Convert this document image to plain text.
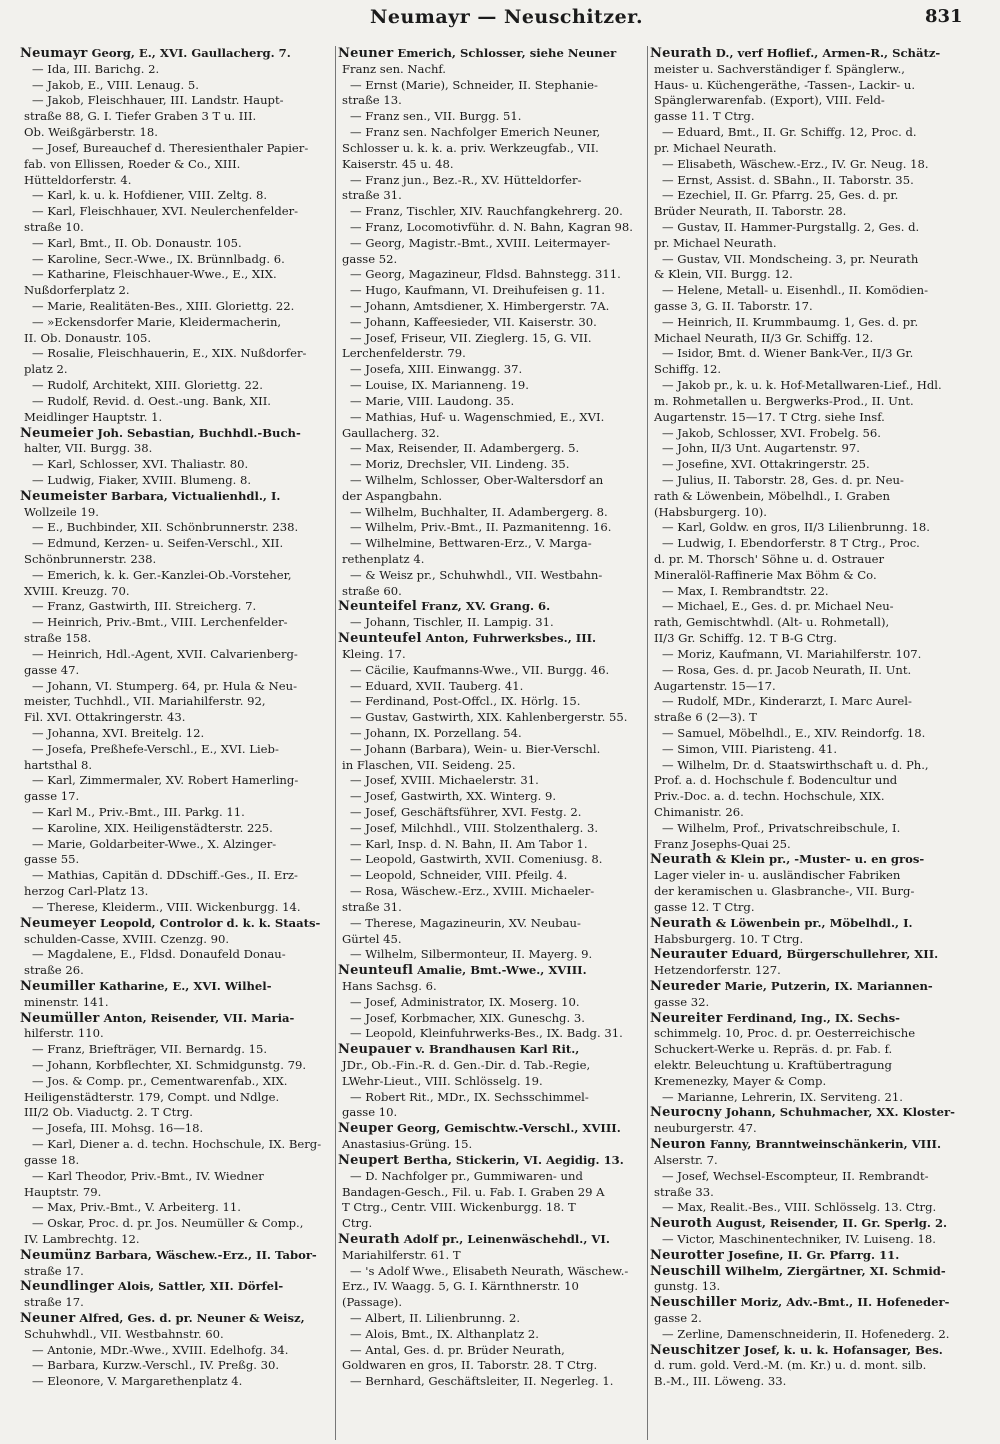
Neumayr — Neuschitzer.	831
Neumayr Georg, E., XVI. Gaullacherg. 7.
— Ida, III. Barichg. 2.
— Jakob, E., VIII. Lenaug. 5.
— Jakob, Fleischhauer, III. Landstr. Haupt-
straße 88, G. I. Tiefer Graben 3 T u. III.
Ob. Weißgärberstr. 18.
— Josef, Bureauchef d. Theresienthaler Papier-
fab. von Ellissen, Roeder & Co., XIII.
Hütteldorferstr. 4.
— Karl, k. u. k. Hofdiener, VIII. Zeltg. 8.
— Karl, Fleischhauer, XVI. Neulerchenfelder-
straße 10.
— Karl, Bmt., II. Ob. Donaustr. 105.
— Karoline, Secr.-Wwe., IX. Brünnlbadg. 6.
— Katharine, Fleischhauer-Wwe., E., XIX.
Nußdorferplatz 2.
— Marie, Realitäten-Bes., XIII. Gloriettg. 22.
— »Eckensdorfer Marie, Kleidermacherin,
II. Ob. Donaustr. 105.
— Rosalie, Fleischhauerin, E., XIX. Nußdorfer-
platz 2.
— Rudolf, Architekt, XIII. Gloriettg. 22.
— Rudolf, Revid. d. Oest.-ung. Bank, XII.
Meidlinger Hauptstr. 1.
Neumeier Joh. Sebastian, Buchhdl.-Buch-
halter, VII. Burgg. 38.
— Karl, Schlosser, XVI. Thaliastr. 80.
— Ludwig, Fiaker, XVIII. Blumeng. 8.
Neumeister Barbara, Victualienhdl., I.
Wollzeile 19.
— E., Buchbinder, XII. Schönbrunnerstr. 238.
— Edmund, Kerzen- u. Seifen-Verschl., XII.
Schönbrunnerstr. 238.
— Emerich, k. k. Ger.-Kanzlei-Ob.-Vorsteher,
XVIII. Kreuzg. 70.
— Franz, Gastwirth, III. Streicherg. 7.
— Heinrich, Priv.-Bmt., VIII. Lerchenfelder-
straße 158.
— Heinrich, Hdl.-Agent, XVII. Calvarienberg-
gasse 47.
— Johann, VI. Stumperg. 64, pr. Hula & Neu-
meister, Tuchhdl., VII. Mariahilferstr. 92,
Fil. XVI. Ottakringerstr. 43.
— Johanna, XVI. Breitelg. 12.
— Josefa, Preßhefe-Verschl., E., XVI. Lieb-
hartsthal 8.
— Karl, Zimmermaler, XV. Robert Hamerling-
gasse 17.
— Karl M., Priv.-Bmt., III. Parkg. 11.
— Karoline, XIX. Heiligenstädterstr. 225.
— Marie, Goldarbeiter-Wwe., X. Alzinger-
gasse 55.
— Mathias, Capitän d. DDschiff.-Ges., II. Erz-
herzog Carl-Platz 13.
— Therese, Kleiderm., VIII. Wickenburgg. 14.
Neumeyer Leopold, Controlor d. k. k. Staats-
schulden-Casse, XVIII. Czenzg. 90.
— Magdalene, E., Fldsd. Donaufeld Donau-
straße 26.
Neumiller Katharine, E., XVI. Wilhel-
minenstr. 141.
Neumüller Anton, Reisender, VII. Maria-
hilferstr. 110.
— Franz, Briefträger, VII. Bernardg. 15.
— Johann, Korbflechter, XI. Schmidgunstg. 79.
— Jos. & Comp. pr., Cementwarenfab., XIX.
Heiligenstädterstr. 179, Compt. und Ndlge.
III/2 Ob. Viaductg. 2. T Ctrg.
— Josefa, III. Mohsg. 16—18.
— Karl, Diener a. d. techn. Hochschule, IX. Berg-
gasse 18.
— Karl Theodor, Priv.-Bmt., IV. Wiedner
Hauptstr. 79.
— Max, Priv.-Bmt., V. Arbeiterg. 11.
— Oskar, Proc. d. pr. Jos. Neumüller & Comp.,
IV. Lambrechtg. 12.
Neumünz Barbara, Wäschew.-Erz., II. Tabor-
straße 17.
Neundlinger Alois, Sattler, XII. Dörfel-
straße 17.
Neuner Alfred, Ges. d. pr. Neuner & Weisz,
Schuhwhdl., VII. Westbahnstr. 60.
— Antonie, MDr.-Wwe., XVIII. Edelhofg. 34.
— Barbara, Kurzw.-Verschl., IV. Preßg. 30.
— Eleonore, V. Margarethenplatz 4.
Neuner Emerich, Schlosser, siehe Neuner
Franz sen. Nachf.
— Ernst (Marie), Schneider, II. Stephanie-
straße 13.
— Franz sen., VII. Burgg. 51.
— Franz sen. Nachfolger Emerich Neuner,
Schlosser u. k. k. a. priv. Werkzeugfab., VII.
Kaiserstr. 45 u. 48.
— Franz jun., Bez.-R., XV. Hütteldorfer-
straße 31.
— Franz, Tischler, XIV. Rauchfangkehrerg. 20.
— Franz, Locomotivführ. d. N. Bahn, Kagran 98.
— Georg, Magistr.-Bmt., XVIII. Leitermayer-
gasse 52.
— Georg, Magazineur, Fldsd. Bahnstegg. 311.
— Hugo, Kaufmann, VI. Dreihufeisen g. 11.
— Johann, Amtsdiener, X. Himbergerstr. 7A.
— Johann, Kaffeesieder, VII. Kaiserstr. 30.
— Josef, Friseur, VII. Zieglerg. 15, G. VII.
Lerchenfelderstr. 79.
— Josefa, XIII. Einwangg. 37.
— Louise, IX. Marianneng. 19.
— Marie, VIII. Laudong. 35.
— Mathias, Huf- u. Wagenschmied, E., XVI.
Gaullacherg. 32.
— Max, Reisender, II. Adambergerg. 5.
— Moriz, Drechsler, VII. Lindeng. 35.
— Wilhelm, Schlosser, Ober-Waltersdorf an
der Aspangbahn.
— Wilhelm, Buchhalter, II. Adambergerg. 8.
— Wilhelm, Priv.-Bmt., II. Pazmanitenng. 16.
— Wilhelmine, Bettwaren-Erz., V. Marga-
rethenplatz 4.
— & Weisz pr., Schuhwhdl., VII. Westbahn-
straße 60.
Neunteifel Franz, XV. Grang. 6.
— Johann, Tischler, II. Lampig. 31.
Neunteufel Anton, Fuhrwerksbes., III.
Kleing. 17.
— Cäcilie, Kaufmanns-Wwe., VII. Burgg. 46.
— Eduard, XVII. Tauberg. 41.
— Ferdinand, Post-Offcl., IX. Hörlg. 15.
— Gustav, Gastwirth, XIX. Kahlenbergerstr. 55.
— Johann, IX. Porzellang. 54.
— Johann (Barbara), Wein- u. Bier-Verschl.
in Flaschen, VII. Seideng. 25.
— Josef, XVIII. Michaelerstr. 31.
— Josef, Gastwirth, XX. Winterg. 9.
— Josef, Geschäftsführer, XVI. Festg. 2.
— Josef, Milchhdl., VIII. Stolzenthalerg. 3.
— Karl, Insp. d. N. Bahn, II. Am Tabor 1.
— Leopold, Gastwirth, XVII. Comeniusg. 8.
— Leopold, Schneider, VIII. Pfeilg. 4.
— Rosa, Wäschew.-Erz., XVIII. Michaeler-
straße 31.
— Therese, Magazineurin, XV. Neubau-
Gürtel 45.
— Wilhelm, Silbermonteur, II. Mayerg. 9.
Neunteufl Amalie, Bmt.-Wwe., XVIII.
Hans Sachsg. 6.
— Josef, Administrator, IX. Moserg. 10.
— Josef, Korbmacher, XIX. Guneschg. 3.
— Leopold, Kleinfuhrwerks-Bes., IX. Badg. 31.
Neupauer v. Brandhausen Karl Rit.,
JDr., Ob.-Fin.-R. d. Gen.-Dir. d. Tab.-Regie,
LWehr-Lieut., VIII. Schlösselg. 19.
— Robert Rit., MDr., IX. Sechsschimmel-
gasse 10.
Neuper Georg, Gemischtw.-Verschl., XVIII.
Anastasius-Grüng. 15.
Neupert Bertha, Stickerin, VI. Aegidig. 13.
— D. Nachfolger pr., Gummiwaren- und
Bandagen-Gesch., Fil. u. Fab. I. Graben 29 A
T Ctrg., Centr. VIII. Wickenburgg. 18. T
Ctrg.
Neurath Adolf pr., Leinenwäschehdl., VI.
Mariahilferstr. 61. T
— 's Adolf Wwe., Elisabeth Neurath, Wäschew.-
Erz., IV. Waagg. 5, G. I. Kärnthnerstr. 10
(Passage).
— Albert, II. Lilienbrunng. 2.
— Alois, Bmt., IX. Althanplatz 2.
— Antal, Ges. d. pr. Brüder Neurath,
Goldwaren en gros, II. Taborstr. 28. T Ctrg.
— Bernhard, Geschäftsleiter, II. Negerleg. 1.
Neurath D., verf Hoflief., Armen-R., Schätz-
meister u. Sachverständiger f. Spänglerw.,
Haus- u. Küchengeräthe, -Tassen-, Lackir- u.
Spänglerwarenfab. (Export), VIII. Feld-
gasse 11. T Ctrg.
— Eduard, Bmt., II. Gr. Schiffg. 12, Proc. d.
pr. Michael Neurath.
— Elisabeth, Wäschew.-Erz., IV. Gr. Neug. 18.
— Ernst, Assist. d. SBahn., II. Taborstr. 35.
— Ezechiel, II. Gr. Pfarrg. 25, Ges. d. pr.
Brüder Neurath, II. Taborstr. 28.
— Gustav, II. Hammer-Purgstallg. 2, Ges. d.
pr. Michael Neurath.
— Gustav, VII. Mondscheing. 3, pr. Neurath
& Klein, VII. Burgg. 12.
— Helene, Metall- u. Eisenhdl., II. Komödien-
gasse 3, G. II. Taborstr. 17.
— Heinrich, II. Krummbaumg. 1, Ges. d. pr.
Michael Neurath, II/3 Gr. Schiffg. 12.
— Isidor, Bmt. d. Wiener Bank-Ver., II/3 Gr.
Schiffg. 12.
— Jakob pr., k. u. k. Hof-Metallwaren-Lief., Hdl.
m. Rohmetallen u. Bergwerks-Prod., II. Unt.
Augartenstr. 15—17. T Ctrg. siehe Insf.
— Jakob, Schlosser, XVI. Frobelg. 56.
— John, II/3 Unt. Augartenstr. 97.
— Josefine, XVI. Ottakringerstr. 25.
— Julius, II. Taborstr. 28, Ges. d. pr. Neu-
rath & Löwenbein, Möbelhdl., I. Graben
(Habsburgerg. 10).
— Karl, Goldw. en gros, II/3 Lilienbrunng. 18.
— Ludwig, I. Ebendorferstr. 8 T Ctrg., Proc.
d. pr. M. Thorsch' Söhne u. d. Ostrauer
Mineralöl-Raffinerie Max Böhm & Co.
— Max, I. Rembrandtstr. 22.
— Michael, E., Ges. d. pr. Michael Neu-
rath, Gemischtwhdl. (Alt- u. Rohmetall),
II/3 Gr. Schiffg. 12. T B-G Ctrg.
— Moriz, Kaufmann, VI. Mariahilferstr. 107.
— Rosa, Ges. d. pr. Jacob Neurath, II. Unt.
Augartenstr. 15—17.
— Rudolf, MDr., Kinderarzt, I. Marc Aurel-
straße 6 (2—3). T
— Samuel, Möbelhdl., E., XIV. Reindorfg. 18.
— Simon, VIII. Piaristeng. 41.
— Wilhelm, Dr. d. Staatswirthschaft u. d. Ph.,
Prof. a. d. Hochschule f. Bodencultur und
Priv.-Doc. a. d. techn. Hochschule, XIX.
Chimanistr. 26.
— Wilhelm, Prof., Privatschreibschule, I.
Franz Josephs-Quai 25.
Neurath & Klein pr., -Muster- u. en gros-
Lager vieler in- u. ausländischer Fabriken
der keramischen u. Glasbranche-, VII. Burg-
gasse 12. T Ctrg.
Neurath & Löwenbein pr., Möbelhdl., I.
Habsburgerg. 10. T Ctrg.
Neurauter Eduard, Bürgerschullehrer, XII.
Hetzendorferstr. 127.
Neureder Marie, Putzerin, IX. Mariannen-
gasse 32.
Neureiter Ferdinand, Ing., IX. Sechs-
schimmelg. 10, Proc. d. pr. Oesterreichische
Schuckert-Werke u. Repräs. d. pr. Fab. f.
elektr. Beleuchtung u. Kraftübertragung
Kremenezky, Mayer & Comp.
— Marianne, Lehrerin, IX. Serviteng. 21.
Neurocny Johann, Schuhmacher, XX. Kloster-
neuburgerstr. 47.
Neuron Fanny, Branntweinschänkerin, VIII.
Alserstr. 7.
— Josef, Wechsel-Escompteur, II. Rembrandt-
straße 33.
— Max, Realit.-Bes., VIII. Schlösselg. 13. Ctrg.
Neuroth August, Reisender, II. Gr. Sperlg. 2.
— Victor, Maschinentechniker, IV. Luiseng. 18.
Neurotter Josefine, II. Gr. Pfarrg. 11.
Neuschill Wilhelm, Ziergärtner, XI. Schmid-
gunstg. 13.
Neuschiller Moriz, Adv.-Bmt., II. Hofeneder-
gasse 2.
— Zerline, Damenschneiderin, II. Hofenederg. 2.
Neuschitzer Josef, k. u. k. Hofansager, Bes.
d. rum. gold. Verd.-M. (m. Kr.) u. d. mont. silb.
B.-M., III. Löweng. 33.
